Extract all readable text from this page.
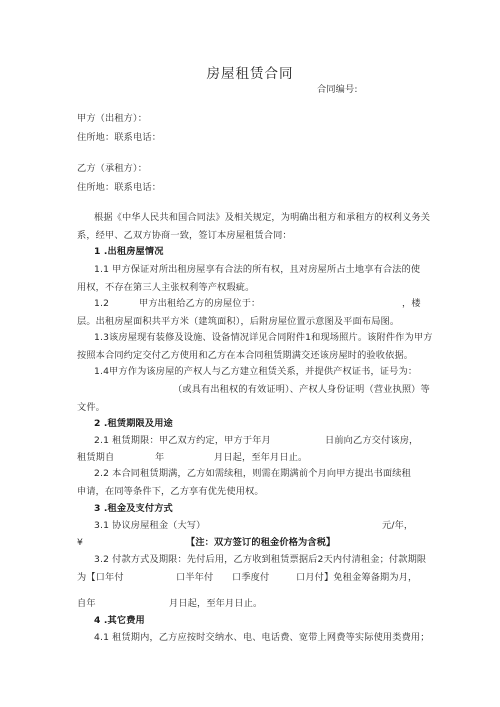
房屋租赁合同
合同编号:
甲方（出租方）：
住所地：联系电话：
乙方（承租方）：
住所地：联系电话：
根据《中华人民共和国合同法》及相关规定，为明确出租方和承租方的权利义务关
系，经甲、乙双方协商一致，签订本房屋租赁合同：
1 .出租房屋情况
1.1 甲方保证对所出租房屋享有合法的所有权，且对房屋所占土地享有合法的使
用权，不存在第三人主张权利等产权瑕疵。
1.2	甲方出租给乙方的房屋位于：	，楼
层。出租房屋面积共平方米（建筑面积），后附房屋位置示意图及平面布局图。
1.3该房屋现有装修及设施、设备情况详见合同附件1和现场照片。该附件作为甲方
按照本合同约定交付乙方使用和乙方在本合同租赁期满交还该房屋时的验收依据。
1.4甲方作为该房屋的产权人与乙方建立租赁关系，并提供产权证书，证号为：
（或具有出租权的有效证明）、产权人身份证明（营业执照）等
文件。
2 .租赁期限及用途
2.1 租赁期限：甲乙双方约定，甲方于年月	日前向乙方交付该房，
租赁期自	年	月日起，至年月日止。
2.2 本合同租赁期满，乙方如需续租，则需在期满前个月向甲方提出书面续租
申请，在同等条件下，乙方享有优先使用权。
3 .租金及支付方式
3.1 协议房屋租金（大写）	元/年，
¥	【注：双方签订的租金价格为含税】
3.2 付款方式及期限：先付后用，乙方收到租赁票据后2天内付清租金；付款期限
为【口年付	口半年付 口季度付	口月付】免租金筹备期为月，
自年	月日起，至年月日止。
4 .其它费用
4.1 租赁期内，乙方应按时交纳水、电、电话费、宽带上网费等实际使用类费用；
